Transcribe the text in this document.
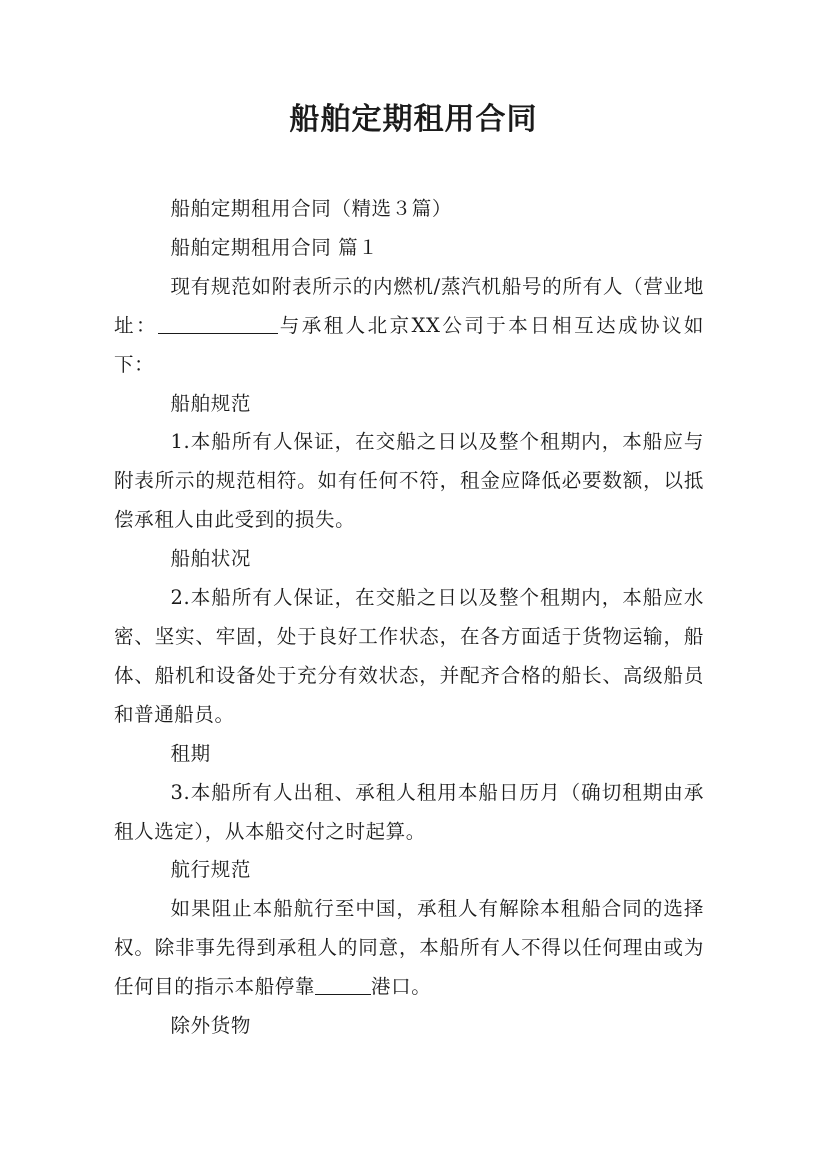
船舶定期租用合同

船舶定期租用合同（精选３篇）

船舶定期租用合同 篇１

现有规范如附表所示的内燃机/蒸汽机船号的所有人（营业地址：	与承租人北京XX公司于本日相互达成协议如下：

船舶规范

1.本船所有人保证，在交船之日以及整个租期内，本船应与附表所示的规范相符。如有任何不符，租金应降低必要数额，以抵偿承租人由此受到的损失。

船舶状况

2.本船所有人保证，在交船之日以及整个租期内，本船应水密、坚实、牢固，处于良好工作状态，在各方面适于货物运输，船体、船机和设备处于充分有效状态，并配齐合格的船长、高级船员和普通船员。

租期

3.本船所有人出租、承租人租用本船日历月（确切租期由承租人选定），从本船交付之时起算。

航行规范

如果阻止本船航行至中国，承租人有解除本租船合同的选择权。除非事先得到承租人的同意，本船所有人不得以任何理由或为任何目的指示本船停靠	港口。

除外货物
